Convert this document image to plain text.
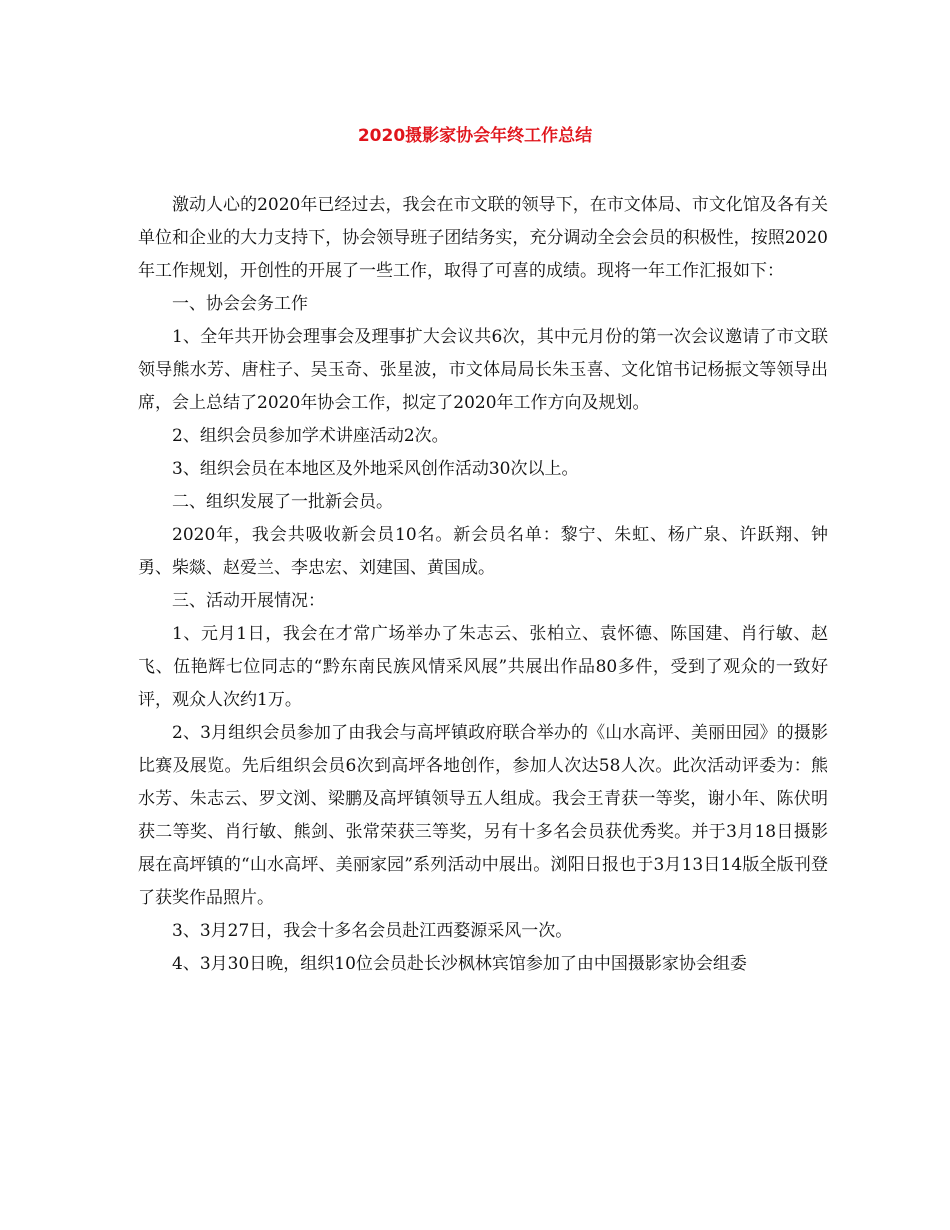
2020摄影家协会年终工作总结

激动人心的2020年已经过去，我会在市文联的领导下，在市文体局、市文化馆及各有关单位和企业的大力支持下，协会领导班子团结务实，充分调动全会会员的积极性，按照2020年工作规划，开创性的开展了一些工作，取得了可喜的成绩。现将一年工作汇报如下：

一、协会会务工作

1、全年共开协会理事会及理事扩大会议共6次，其中元月份的第一次会议邀请了市文联领导熊水芳、唐柱子、吴玉奇、张星波，市文体局局长朱玉喜、文化馆书记杨振文等领导出席，会上总结了2020年协会工作，拟定了2020年工作方向及规划。

2、组织会员参加学术讲座活动2次。

3、组织会员在本地区及外地采风创作活动30次以上。

二、组织发展了一批新会员。

2020年，我会共吸收新会员10名。新会员名单：黎宁、朱虹、杨广泉、许跃翔、钟勇、柴燚、赵爱兰、李忠宏、刘建国、黄国成。

三、活动开展情况：

1、元月1日，我会在才常广场举办了朱志云、张柏立、袁怀德、陈国建、肖行敏、赵飞、伍艳辉七位同志的“黔东南民族风情采风展”共展出作品80多件，受到了观众的一致好评，观众人次约1万。

2、3月组织会员参加了由我会与高坪镇政府联合举办的《山水高评、美丽田园》的摄影比赛及展览。先后组织会员6次到高坪各地创作，参加人次达58人次。此次活动评委为：熊水芳、朱志云、罗文浏、梁鹏及高坪镇领导五人组成。我会王青获一等奖，谢小年、陈伏明获二等奖、肖行敏、熊剑、张常荣获三等奖，另有十多名会员获优秀奖。并于3月18日摄影展在高坪镇的“山水高坪、美丽家园”系列活动中展出。浏阳日报也于3月13日14版全版刊登了获奖作品照片。

3、3月27日，我会十多名会员赴江西婺源采风一次。

4、3月30日晚，组织10位会员赴长沙枫林宾馆参加了由中国摄影家协会组委
